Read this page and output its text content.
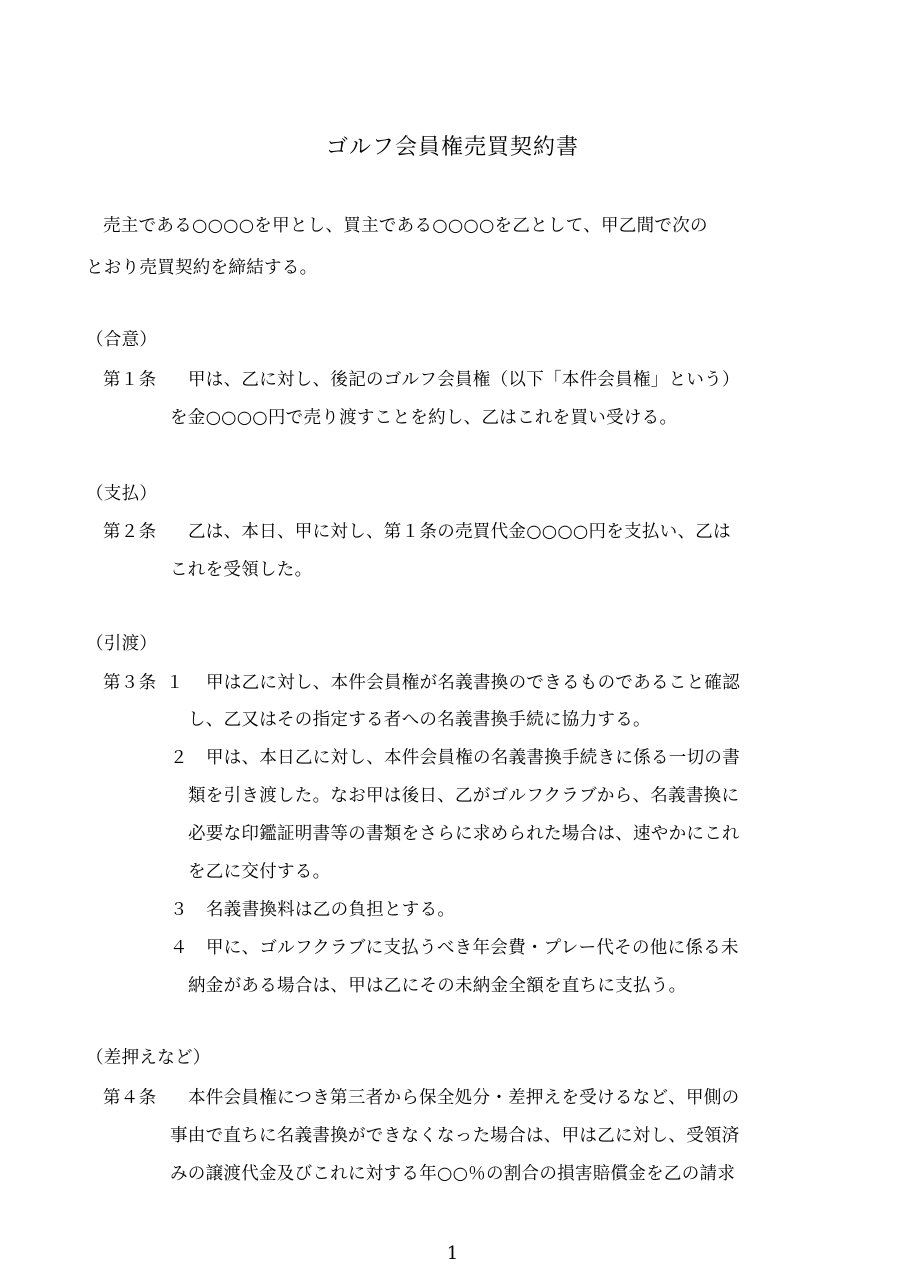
ゴルフ会員権売買契約書
売主である○○○○を甲とし、買主である○○○○を乙として、甲乙間で次の
とおり売買契約を締結する。
（合意）
第１条 甲は、乙に対し、後記のゴルフ会員権（以下「本件会員権」という）
を金○○○○円で売り渡すことを約し、乙はこれを買い受ける。
（支払）
第２条 乙は、本日、甲に対し、第１条の売買代金○○○○円を支払い、乙は
これを受領した。
（引渡）
第３条 １ 甲は乙に対し、本件会員権が名義書換のできるものであること確認
し、乙又はその指定する者への名義書換手続に協力する。
２ 甲は、本日乙に対し、本件会員権の名義書換手続きに係る一切の書
類を引き渡した。なお甲は後日、乙がゴルフクラブから、名義書換に
必要な印鑑証明書等の書類をさらに求められた場合は、速やかにこれ
を乙に交付する。
３ 名義書換料は乙の負担とする。
４ 甲に、ゴルフクラブに支払うべき年会費・プレー代その他に係る未
納金がある場合は、甲は乙にその未納金全額を直ちに支払う。
（差押えなど）
第４条 本件会員権につき第三者から保全処分・差押えを受けるなど、甲側の
事由で直ちに名義書換ができなくなった場合は、甲は乙に対し、受領済
みの譲渡代金及びこれに対する年○○％の割合の損害賠償金を乙の請求
1
